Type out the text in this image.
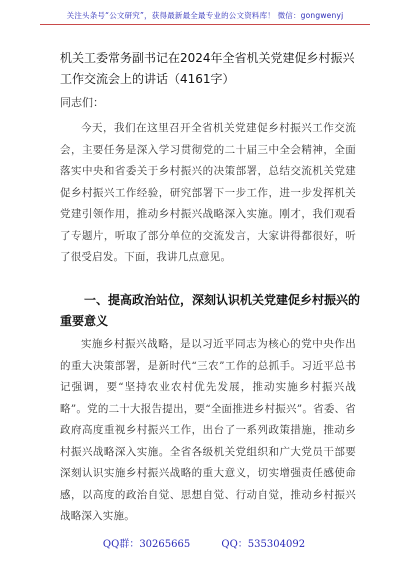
关注头条号“公文研究”，获得最新最全最专业的公文资料库！ 微信：gongwenyj
机关工委常务副书记在2024年全省机关党建促乡村振兴工作交流会上的讲话（4161字）
同志们：
今天，我们在这里召开全省机关党建促乡村振兴工作交流会，主要任务是深入学习贯彻党的二十届三中全会精神，全面落实中央和省委关于乡村振兴的决策部署，总结交流机关党建促乡村振兴工作经验，研究部署下一步工作，进一步发挥机关党建引领作用，推动乡村振兴战略深入实施。刚才，我们观看了专题片，听取了部分单位的交流发言，大家讲得都很好，听了很受启发。下面，我讲几点意见。
一、提高政治站位，深刻认识机关党建促乡村振兴的重要意义
实施乡村振兴战略，是以习近平同志为核心的党中央作出的重大决策部署，是新时代“三农”工作的总抓手。习近平总书记强调，要“坚持农业农村优先发展，推动实施乡村振兴战略”。党的二十大报告提出，要“全面推进乡村振兴”。省委、省政府高度重视乡村振兴工作，出台了一系列政策措施，推动乡村振兴战略深入实施。全省各级机关党组织和广大党员干部要深刻认识实施乡村振兴战略的重大意义，切实增强责任感使命感，以高度的政治自觉、思想自觉、行动自觉，推动乡村振兴战略深入实施。
QQ群：30265665	QQ：535304092
